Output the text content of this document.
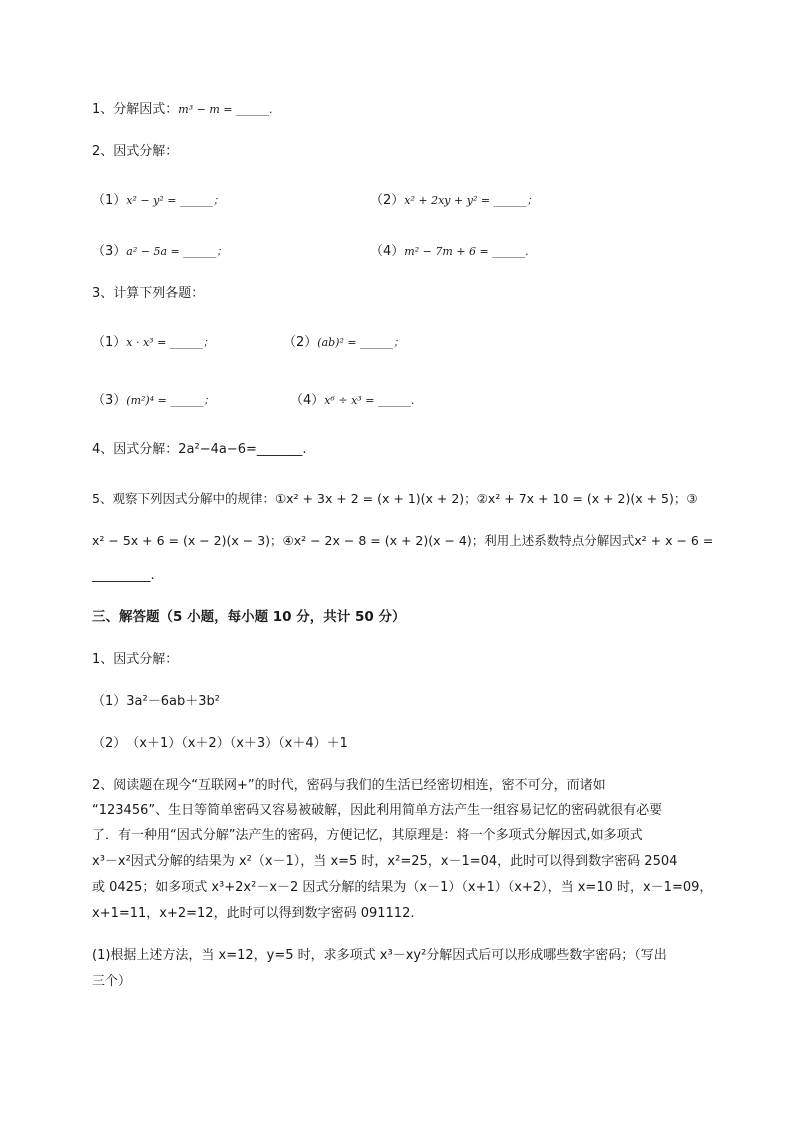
1、分解因式：m³ − m = ______.
2、因式分解：
（1）x² − y² = ______；	（2）x² + 2xy + y² = ______；
（3）a² − 5a = ______；	（4）m² − 7m + 6 = ______.
3、计算下列各题：
（1）x · x³ = ______；	（2）(ab)² = ______；
（3）(m²)⁴ = ______；	（4）x⁶ ÷ x³ = ______.
4、因式分解：2a²−4a−6=_______.
5、观察下列因式分解中的规律：①x² + 3x + 2 = (x + 1)(x + 2)；②x² + 7x + 10 = (x + 2)(x + 5)；③
x² − 5x + 6 = (x − 2)(x − 3)；④x² − 2x − 8 = (x + 2)(x − 4)；利用上述系数特点分解因式x² + x − 6 =
_________.
三、解答题（5 小题，每小题 10 分，共计 50 分）
1、因式分解：
（1）3a²－6ab＋3b²
（2）　（x＋1）（x＋2）（x＋3）（x＋4）＋1
2、阅读题在现今“互联网+”的时代，密码与我们的生活已经密切相连，密不可分，而诸如
“123456”、生日等简单密码又容易被破解，因此利用简单方法产生一组容易记忆的密码就很有必要
了．有一种用“因式分解”法产生的密码，方便记忆，其原理是：将一个多项式分解因式,如多项式
x³－x²因式分解的结果为 x²（x－1），当 x=5 时，x²=25，x－1=04，此时可以得到数字密码 2504
或 0425；如多项式 x³+2x²－x－2 因式分解的结果为（x－1）（x+1）（x+2），当 x=10 时，x－1=09，
x+1=11，x+2=12，此时可以得到数字密码 091112.
(1)根据上述方法，当 x=12，y=5 时，求多项式 x³－xy²分解因式后可以形成哪些数字密码；（写出
三个）
